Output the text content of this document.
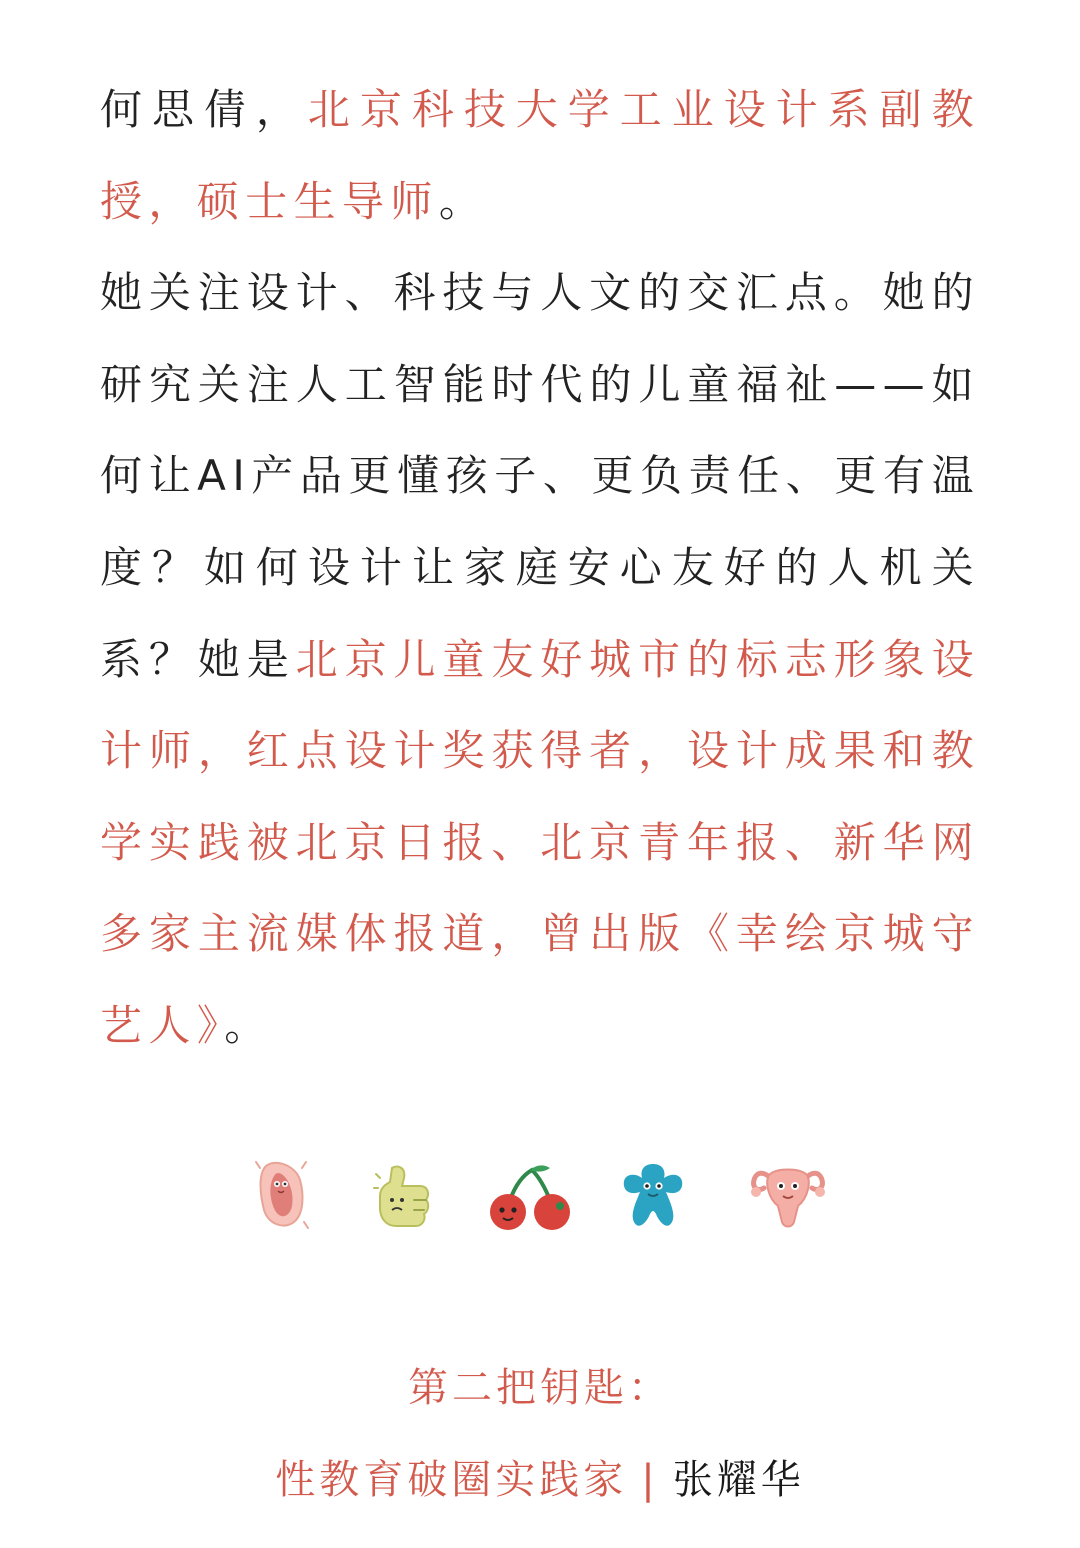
何思倩，北京科技大学工业设计系副教授，硕士生导师。

她关注设计、科技与人文的交汇点。她的研究关注人工智能时代的儿童福祉——如何让AI产品更懂孩子、更负责任、更有温度？如何设计让家庭安心友好的人机关系？她是北京儿童友好城市的标志形象设计师，红点设计奖获得者，设计成果和教学实践被北京日报、北京青年报、新华网多家主流媒体报道，曾出版《幸绘京城守艺人》。

第二把钥匙：

性教育破圈实践家 | 张耀华
